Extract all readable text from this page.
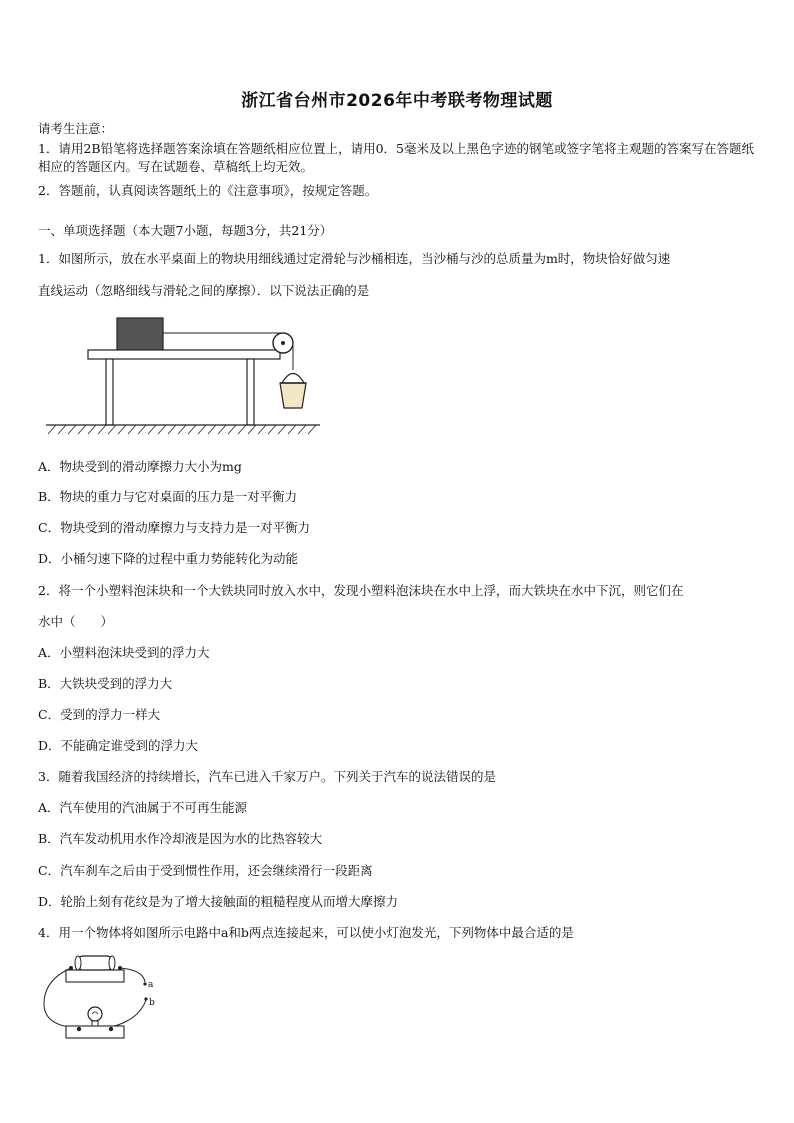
浙江省台州市2026年中考联考物理试题
请考生注意：
1．请用2B铅笔将选择题答案涂填在答题纸相应位置上，请用0．5毫米及以上黑色字迹的钢笔或签字笔将主观题的答案写在答题纸相应的答题区内。写在试题卷、草稿纸上均无效。
2．答题前，认真阅读答题纸上的《注意事项》，按规定答题。
一、单项选择题（本大题7小题，每题3分，共21分）
1．如图所示，放在水平桌面上的物块用细线通过定滑轮与沙桶相连，当沙桶与沙的总质量为m时，物块恰好做匀速
直线运动（忽略细线与滑轮之间的摩擦）．以下说法正确的是
A．物块受到的滑动摩擦力大小为mg
B．物块的重力与它对桌面的压力是一对平衡力
C．物块受到的滑动摩擦力与支持力是一对平衡力
D．小桶匀速下降的过程中重力势能转化为动能
2．将一个小塑料泡沫块和一个大铁块同时放入水中，发现小塑料泡沫块在水中上浮，而大铁块在水中下沉，则它们在
水中（　　）
A．小塑料泡沫块受到的浮力大
B．大铁块受到的浮力大
C．受到的浮力一样大
D．不能确定谁受到的浮力大
3．随着我国经济的持续增长，汽车已进入千家万户。下列关于汽车的说法错误的是
A．汽车使用的汽油属于不可再生能源
B．汽车发动机用水作冷却液是因为水的比热容较大
C．汽车刹车之后由于受到惯性作用，还会继续滑行一段距离
D．轮胎上刻有花纹是为了增大接触面的粗糙程度从而增大摩擦力
4．用一个物体将如图所示电路中a和b两点连接起来，可以使小灯泡发光，下列物体中最合适的是
a
b
